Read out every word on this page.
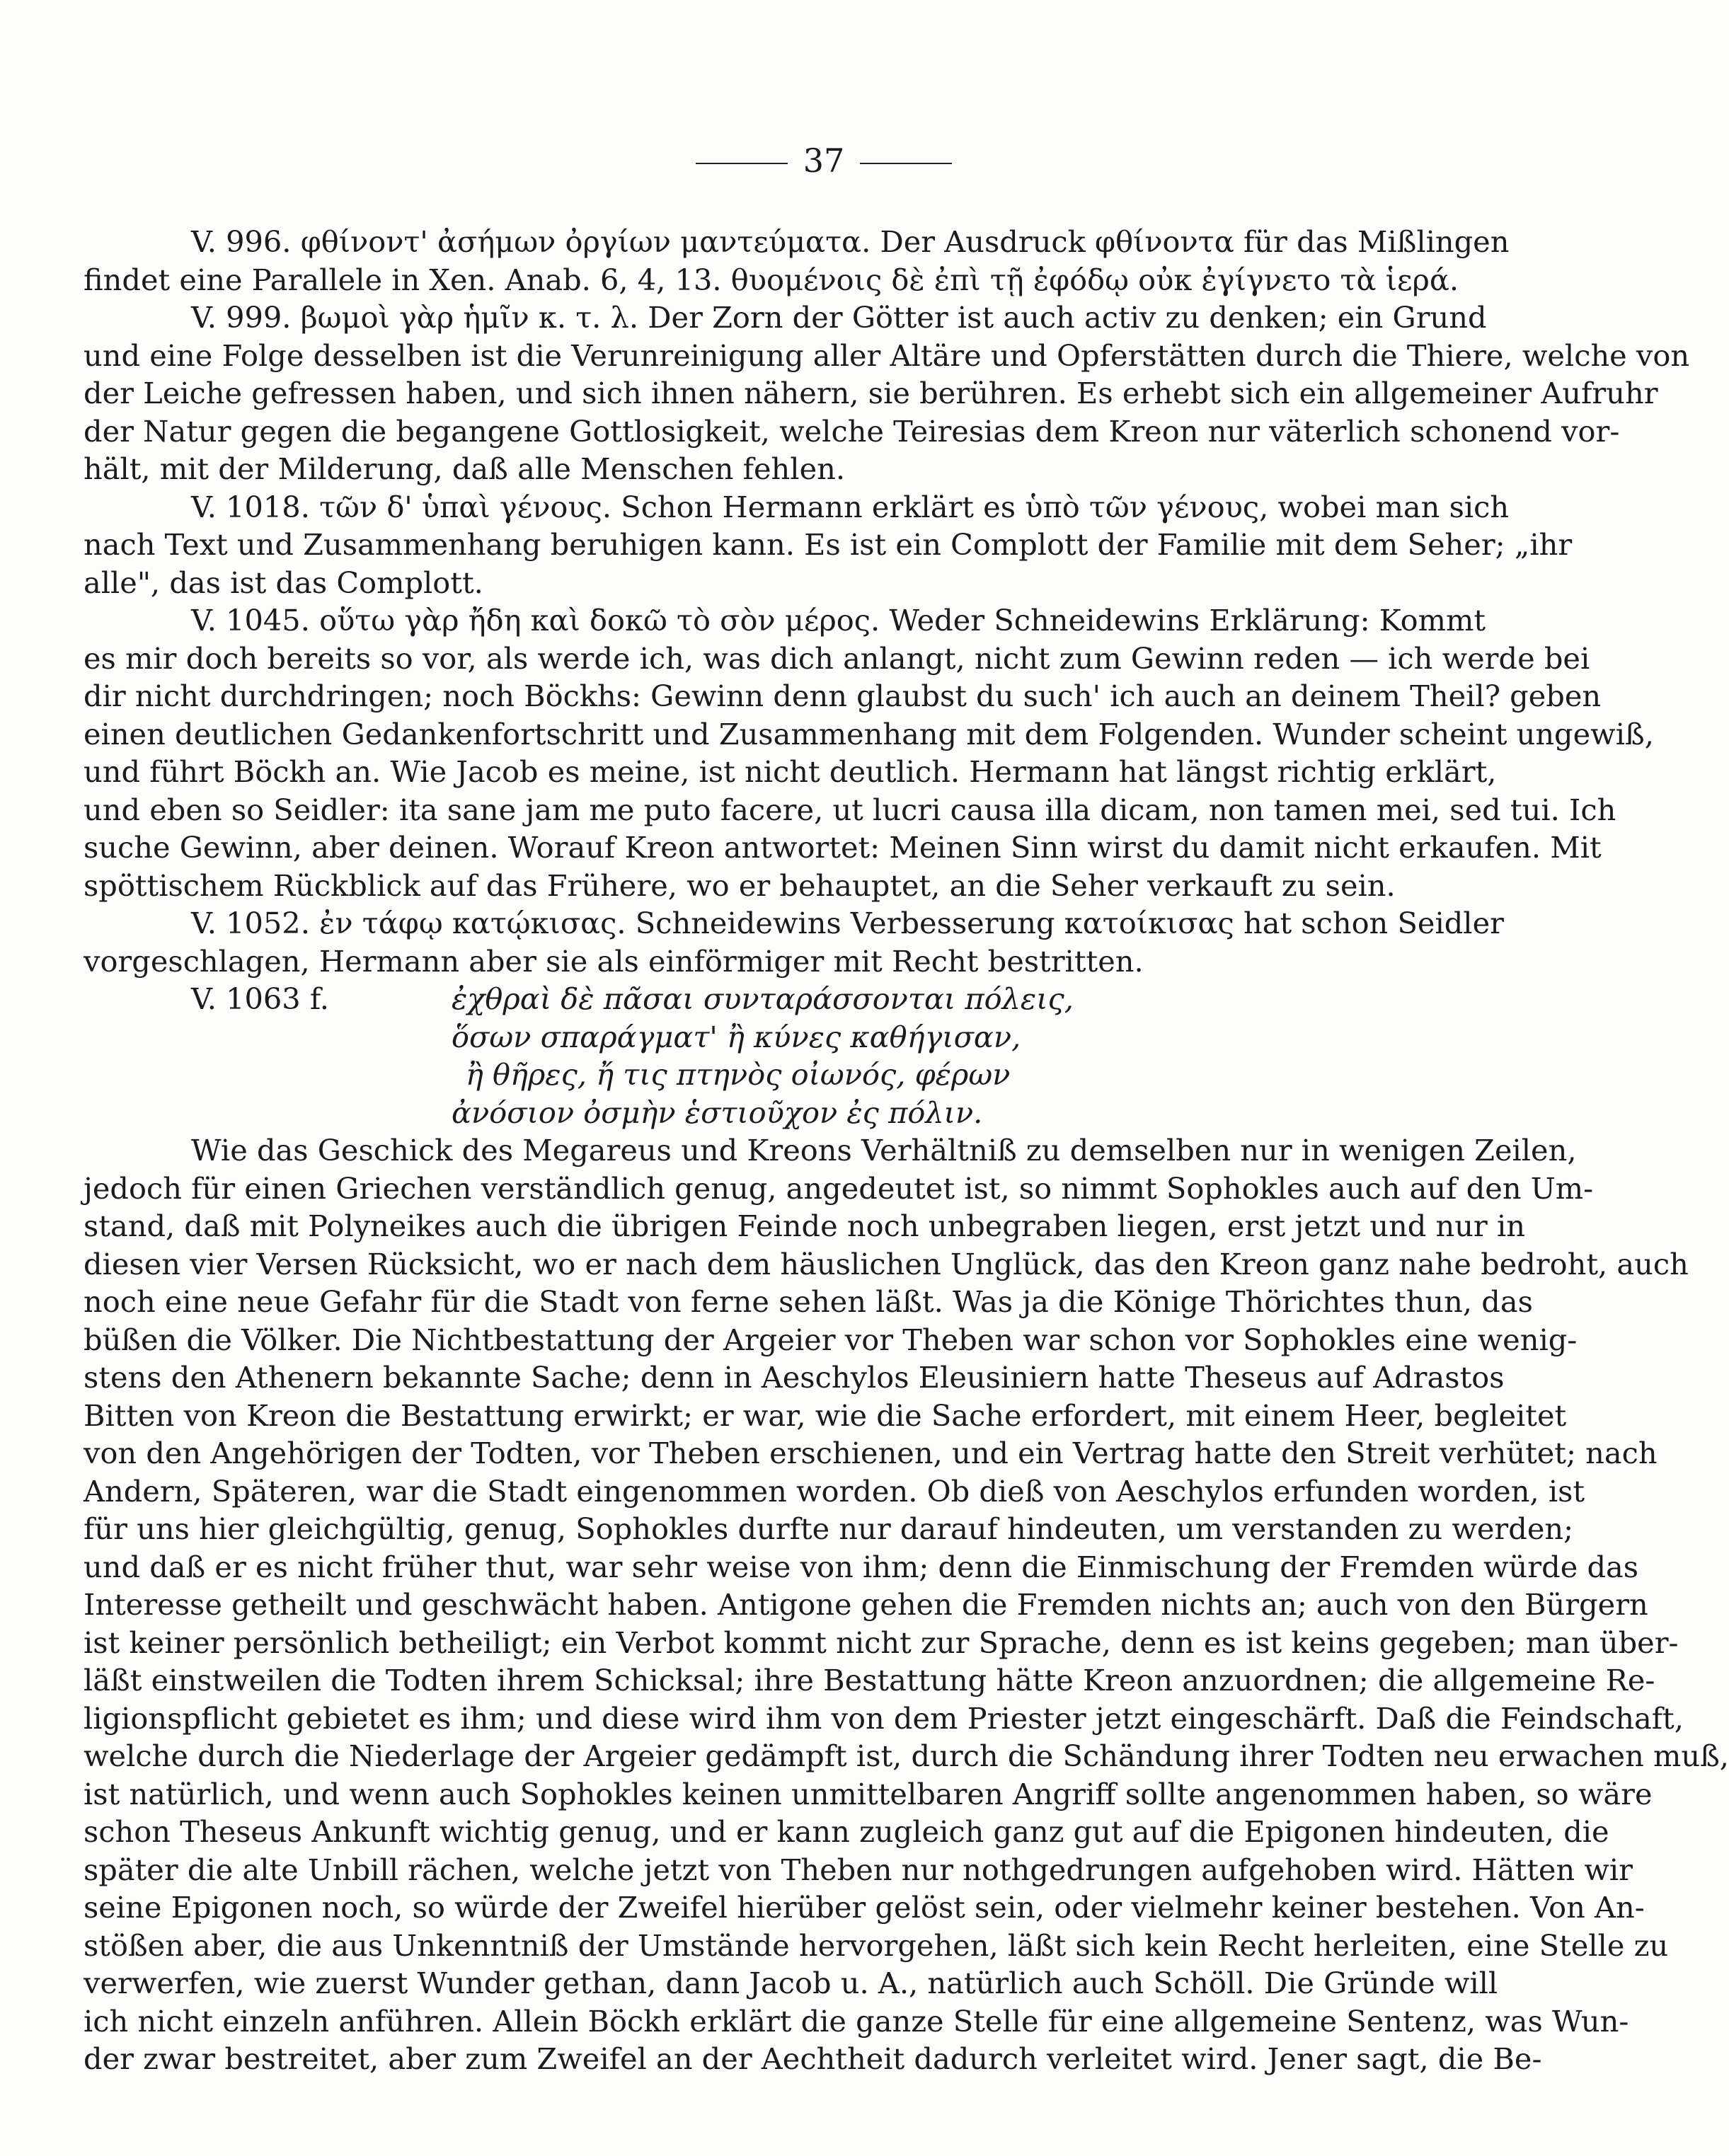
37
V. 996. φθίνοντ' ἀσήμων ὀργίων μαντεύματα. Der Ausdruck φθίνοντα für das Mißlingen
findet eine Parallele in Xen. Anab. 6, 4, 13. θυομένοις δὲ ἐπὶ τῇ ἐφόδῳ οὐκ ἐγίγνετο τὰ ἱερά.
V. 999. βωμοὶ γὰρ ἡμῖν κ. τ. λ. Der Zorn der Götter ist auch activ zu denken; ein Grund
und eine Folge desselben ist die Verunreinigung aller Altäre und Opferstätten durch die Thiere, welche von
der Leiche gefressen haben, und sich ihnen nähern, sie berühren. Es erhebt sich ein allgemeiner Aufruhr
der Natur gegen die begangene Gottlosigkeit, welche Teiresias dem Kreon nur väterlich schonend vor-
hält, mit der Milderung, daß alle Menschen fehlen.
V. 1018. τῶν δ' ὑπαὶ γένους. Schon Hermann erklärt es ὑπὸ τῶν γένους, wobei man sich
nach Text und Zusammenhang beruhigen kann. Es ist ein Complott der Familie mit dem Seher; „ihr
alle", das ist das Complott.
V. 1045. οὕτω γὰρ ἤδη καὶ δοκῶ τὸ σὸν μέρος. Weder Schneidewins Erklärung: Kommt
es mir doch bereits so vor, als werde ich, was dich anlangt, nicht zum Gewinn reden — ich werde bei
dir nicht durchdringen; noch Böckhs: Gewinn denn glaubst du such' ich auch an deinem Theil? geben
einen deutlichen Gedankenfortschritt und Zusammenhang mit dem Folgenden. Wunder scheint ungewiß,
und führt Böckh an. Wie Jacob es meine, ist nicht deutlich. Hermann hat längst richtig erklärt,
und eben so Seidler: ita sane jam me puto facere, ut lucri causa illa dicam, non tamen mei, sed tui. Ich
suche Gewinn, aber deinen. Worauf Kreon antwortet: Meinen Sinn wirst du damit nicht erkaufen. Mit
spöttischem Rückblick auf das Frühere, wo er behauptet, an die Seher verkauft zu sein.
V. 1052. ἐν τάφῳ κατῴκισας. Schneidewins Verbesserung κατοίκισας hat schon Seidler
vorgeschlagen, Hermann aber sie als einförmiger mit Recht bestritten.
V. 1063 f.	ἐχθραὶ δὲ πᾶσαι συνταράσσονται πόλεις,
ὅσων σπαράγματ' ἢ κύνες καθήγισαν,
ἢ θῆρες, ἤ τις πτηνὸς οἰωνός, φέρων
ἀνόσιον ὀσμὴν ἑστιοῦχον ἐς πόλιν.
Wie das Geschick des Megareus und Kreons Verhältniß zu demselben nur in wenigen Zeilen,
jedoch für einen Griechen verständlich genug, angedeutet ist, so nimmt Sophokles auch auf den Um-
stand, daß mit Polyneikes auch die übrigen Feinde noch unbegraben liegen, erst jetzt und nur in
diesen vier Versen Rücksicht, wo er nach dem häuslichen Unglück, das den Kreon ganz nahe bedroht, auch
noch eine neue Gefahr für die Stadt von ferne sehen läßt. Was ja die Könige Thörichtes thun, das
büßen die Völker. Die Nichtbestattung der Argeier vor Theben war schon vor Sophokles eine wenig-
stens den Athenern bekannte Sache; denn in Aeschylos Eleusiniern hatte Theseus auf Adrastos
Bitten von Kreon die Bestattung erwirkt; er war, wie die Sache erfordert, mit einem Heer, begleitet
von den Angehörigen der Todten, vor Theben erschienen, und ein Vertrag hatte den Streit verhütet; nach
Andern, Späteren, war die Stadt eingenommen worden. Ob dieß von Aeschylos erfunden worden, ist
für uns hier gleichgültig, genug, Sophokles durfte nur darauf hindeuten, um verstanden zu werden;
und daß er es nicht früher thut, war sehr weise von ihm; denn die Einmischung der Fremden würde das
Interesse getheilt und geschwächt haben. Antigone gehen die Fremden nichts an; auch von den Bürgern
ist keiner persönlich betheiligt; ein Verbot kommt nicht zur Sprache, denn es ist keins gegeben; man über-
läßt einstweilen die Todten ihrem Schicksal; ihre Bestattung hätte Kreon anzuordnen; die allgemeine Re-
ligionspflicht gebietet es ihm; und diese wird ihm von dem Priester jetzt eingeschärft. Daß die Feindschaft,
welche durch die Niederlage der Argeier gedämpft ist, durch die Schändung ihrer Todten neu erwachen muß,
ist natürlich, und wenn auch Sophokles keinen unmittelbaren Angriff sollte angenommen haben, so wäre
schon Theseus Ankunft wichtig genug, und er kann zugleich ganz gut auf die Epigonen hindeuten, die
später die alte Unbill rächen, welche jetzt von Theben nur nothgedrungen aufgehoben wird. Hätten wir
seine Epigonen noch, so würde der Zweifel hierüber gelöst sein, oder vielmehr keiner bestehen. Von An-
stößen aber, die aus Unkenntniß der Umstände hervorgehen, läßt sich kein Recht herleiten, eine Stelle zu
verwerfen, wie zuerst Wunder gethan, dann Jacob u. A., natürlich auch Schöll. Die Gründe will
ich nicht einzeln anführen. Allein Böckh erklärt die ganze Stelle für eine allgemeine Sentenz, was Wun-
der zwar bestreitet, aber zum Zweifel an der Aechtheit dadurch verleitet wird. Jener sagt, die Be-
